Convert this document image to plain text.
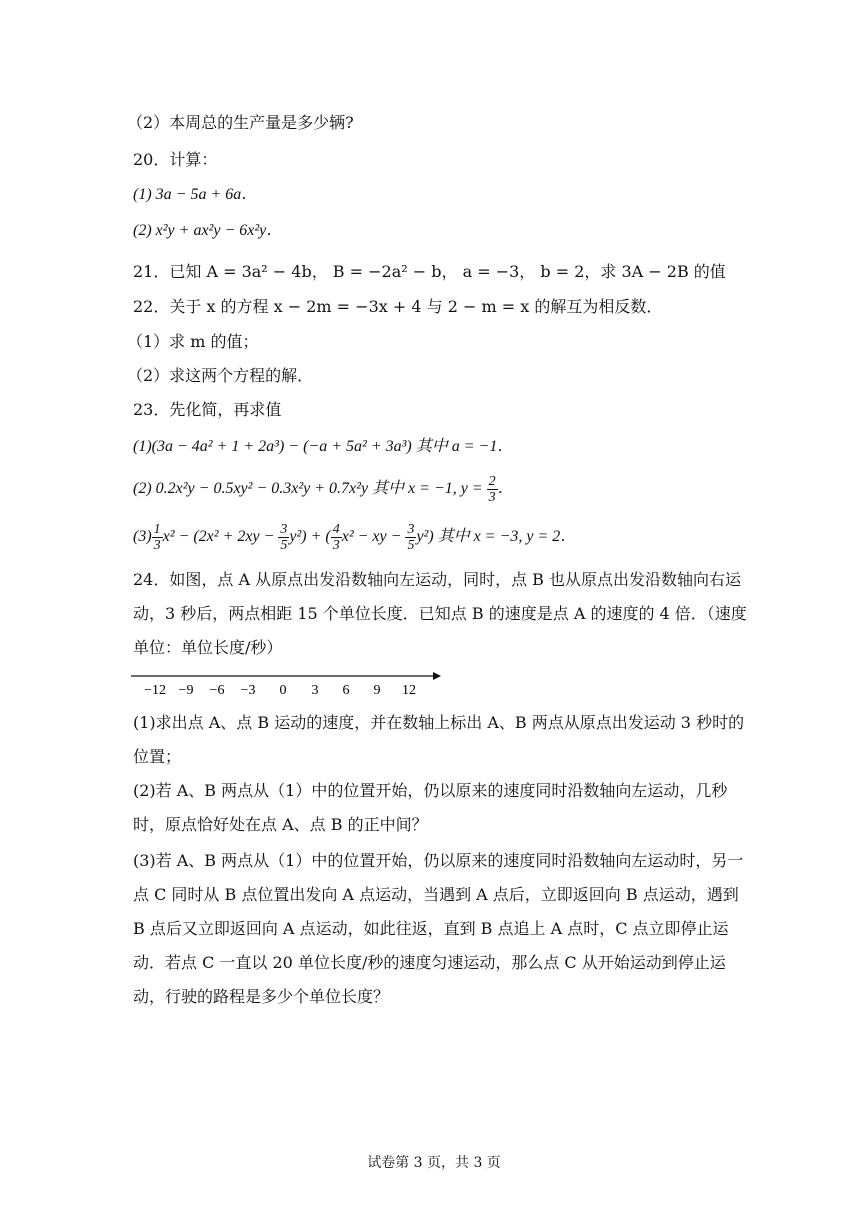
（2）本周总的生产量是多少辆?
20．计算：
(1) 3a − 5a + 6a．
(2) x²y + ax²y − 6x²y．
21．已知 A = 3a² − 4b， B = −2a² − b， a = −3， b = 2，求 3A − 2B 的值
22．关于 x 的方程 x − 2m = −3x + 4 与 2 − m = x 的解互为相反数．
（1）求 m 的值；
（2）求这两个方程的解．
23．先化简，再求值
(1)(3a − 4a² + 1 + 2a³) − (−a + 5a² + 3a³) 其中 a = −1．
(2) 0.2x²y − 0.5xy² − 0.3x²y + 0.7x²y 其中 x = −1, $y = \frac{2}{3}$ ．
$(3) \frac{1}{3} x^2 - (2x^2 + 2xy - \frac{3}{5} y^2)$ + ( $\frac{4}{3} x^2$ − xy − $\frac{3}{5} y^2$) 其中 x = −3, y = 2．
24．如图，点 A 从原点出发沿数轴向左运动，同时，点 B 也从原点出发沿数轴向右运动，3 秒后，两点相距 15 个单位长度．已知点 B 的速度是点 A 的速度的 4 倍．（速度单位：单位长度/秒）
−12 −9 −6 −3 0 3 6 9 12
(1)求出点 A、点 B 运动的速度，并在数轴上标出 A、B 两点从原点出发运动 3 秒时的位置；
(2)若 A、B 两点从（1）中的位置开始，仍以原来的速度同时沿数轴向左运动，几秒时，原点恰好处在点 A、点 B 的正中间？
(3)若 A、B 两点从（1）中的位置开始，仍以原来的速度同时沿数轴向左运动时，另一点 C 同时从 B 点位置出发向 A 点运动，当遇到 A 点后，立即返回向 B 点运动，遇到 B 点后又立即返回向 A 点运动，如此往返，直到 B 点追上 A 点时，C 点立即停止运动．若点 C 一直以 20 单位长度/秒的速度匀速运动，那么点 C 从开始运动到停止运动，行驶的路程是多少个单位长度？
试卷第 3 页，共 3 页
